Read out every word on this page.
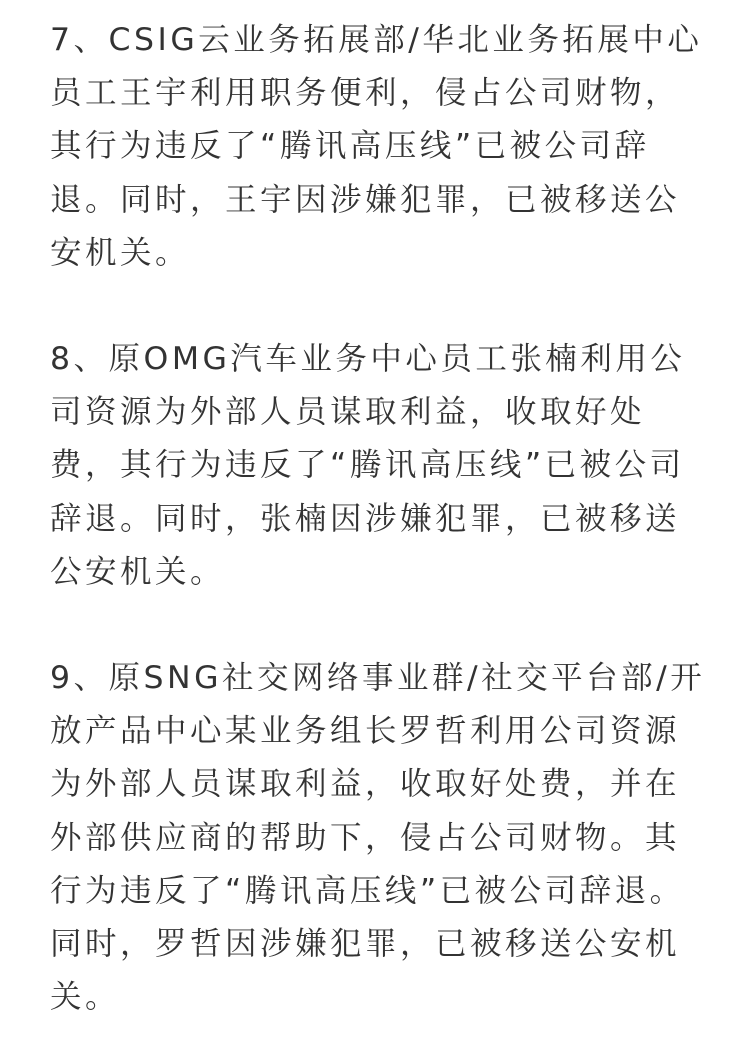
7、CSIG云业务拓展部/华北业务拓展中心
员工王宇利用职务便利，侵占公司财物，
其行为违反了“腾讯高压线”已被公司辞
退。同时，王宇因涉嫌犯罪，已被移送公
安机关。

8、原OMG汽车业务中心员工张楠利用公
司资源为外部人员谋取利益，收取好处
费，其行为违反了“腾讯高压线”已被公司
辞退。同时，张楠因涉嫌犯罪，已被移送
公安机关。

9、原SNG社交网络事业群/社交平台部/开
放产品中心某业务组长罗哲利用公司资源
为外部人员谋取利益，收取好处费，并在
外部供应商的帮助下，侵占公司财物。其
行为违反了“腾讯高压线”已被公司辞退。
同时，罗哲因涉嫌犯罪，已被移送公安机
关。
